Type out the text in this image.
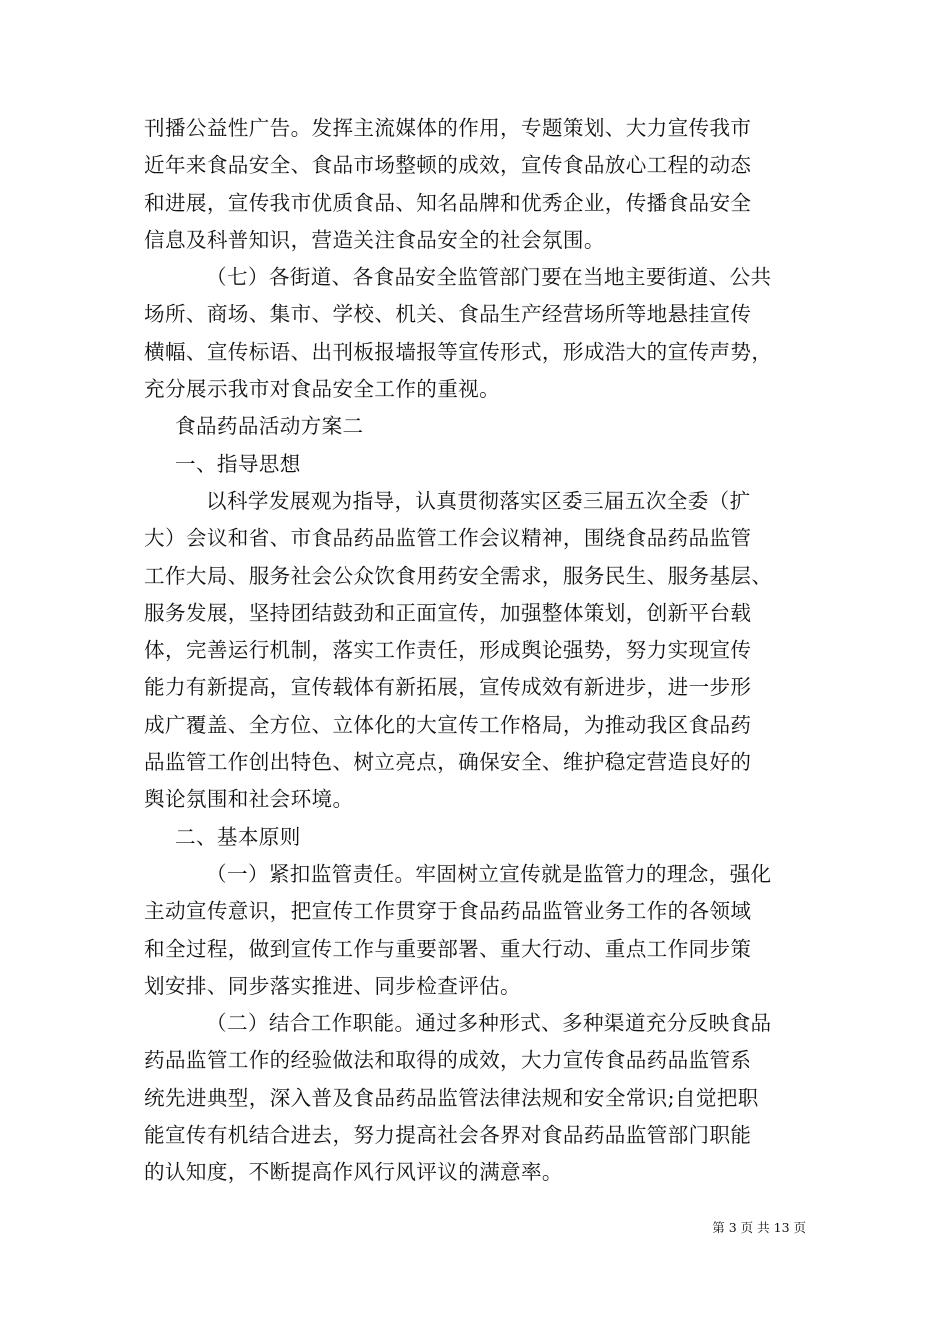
刊播公益性广告。发挥主流媒体的作用，专题策划、大力宣传我市
近年来食品安全、食品市场整顿的成效，宣传食品放心工程的动态
和进展，宣传我市优质食品、知名品牌和优秀企业，传播食品安全
信息及科普知识，营造关注食品安全的社会氛围。
（七）各街道、各食品安全监管部门要在当地主要街道、公共
场所、商场、集市、学校、机关、食品生产经营场所等地悬挂宣传
横幅、宣传标语、出刊板报墙报等宣传形式，形成浩大的宣传声势，
充分展示我市对食品安全工作的重视。
食品药品活动方案二
一、指导思想
以科学发展观为指导，认真贯彻落实区委三届五次全委（扩
大）会议和省、市食品药品监管工作会议精神，围绕食品药品监管
工作大局、服务社会公众饮食用药安全需求，服务民生、服务基层、
服务发展，坚持团结鼓劲和正面宣传，加强整体策划，创新平台载
体，完善运行机制，落实工作责任，形成舆论强势，努力实现宣传
能力有新提高，宣传载体有新拓展，宣传成效有新进步，进一步形
成广覆盖、全方位、立体化的大宣传工作格局，为推动我区食品药
品监管工作创出特色、树立亮点，确保安全、维护稳定营造良好的
舆论氛围和社会环境。
二、基本原则
（一）紧扣监管责任。牢固树立宣传就是监管力的理念，强化
主动宣传意识，把宣传工作贯穿于食品药品监管业务工作的各领域
和全过程，做到宣传工作与重要部署、重大行动、重点工作同步策
划安排、同步落实推进、同步检查评估。
（二）结合工作职能。通过多种形式、多种渠道充分反映食品
药品监管工作的经验做法和取得的成效，大力宣传食品药品监管系
统先进典型，深入普及食品药品监管法律法规和安全常识;自觉把职
能宣传有机结合进去，努力提高社会各界对食品药品监管部门职能
的认知度，不断提高作风行风评议的满意率。
第 3 页 共 13 页
